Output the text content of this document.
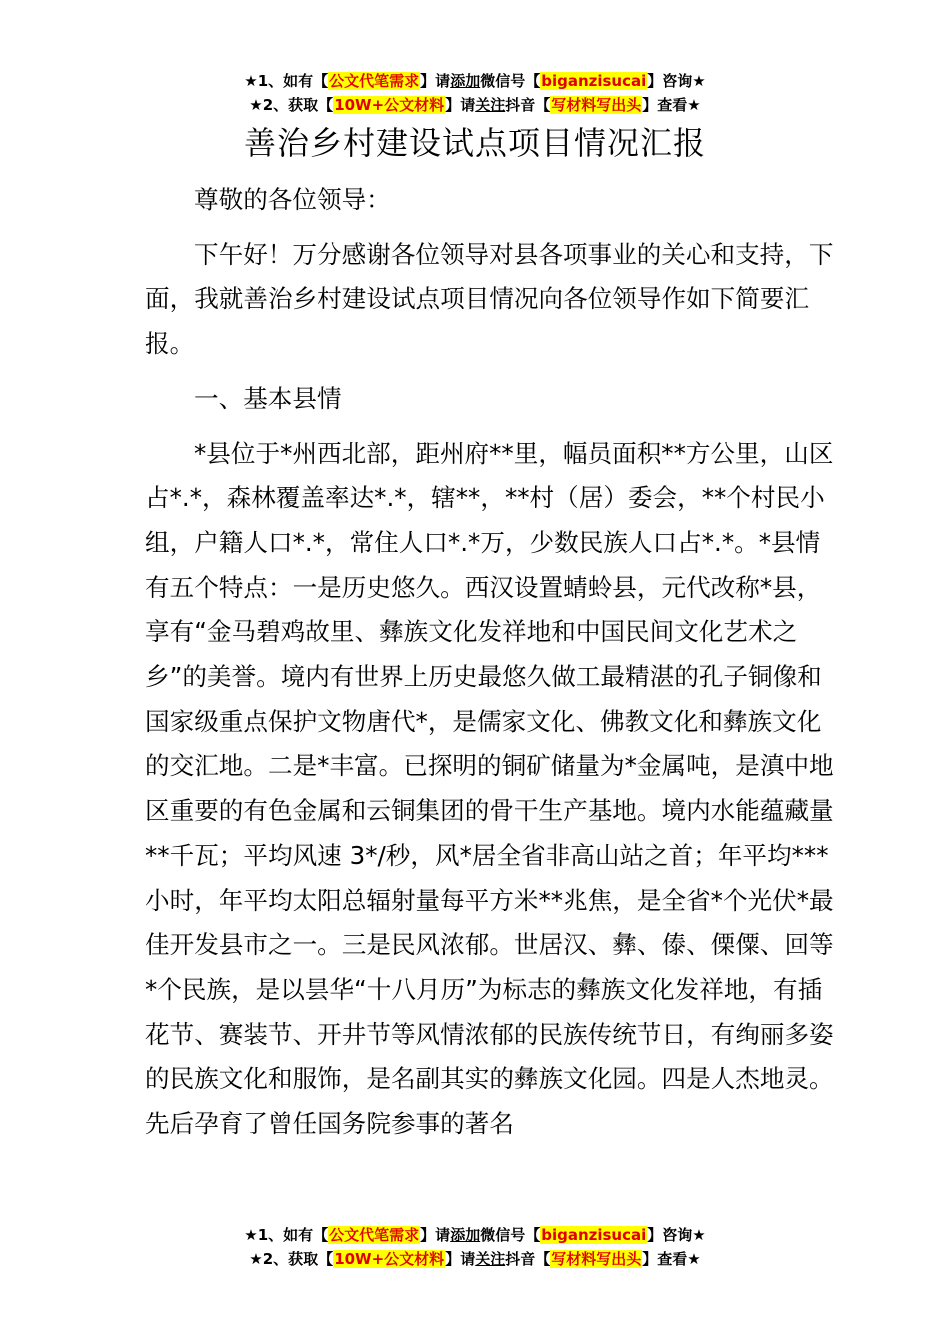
★1、如有【公文代笔需求】请添加微信号【biganzisucai】咨询★
★2、获取【10W+公文材料】请关注抖音【写材料写出头】查看★
善治乡村建设试点项目情况汇报

尊敬的各位领导：

下午好！万分感谢各位领导对县各项事业的关心和支持，下面，我就善治乡村建设试点项目情况向各位领导作如下简要汇报。

一、基本县情

*县位于*州西北部，距州府**里，幅员面积**方公里，山区占*.*，森林覆盖率达*.*，辖**，**村（居）委会，**个村民小组，户籍人口*.*，常住人口*.*万，少数民族人口占*.*。*县情有五个特点：一是历史悠久。西汉设置蜻蛉县，元代改称*县，享有“金马碧鸡故里、彝族文化发祥地和中国民间文化艺术之乡”的美誉。境内有世界上历史最悠久做工最精湛的孔子铜像和国家级重点保护文物唐代*，是儒家文化、佛教文化和彝族文化的交汇地。二是*丰富。已探明的铜矿储量为*金属吨，是滇中地区重要的有色金属和云铜集团的骨干生产基地。境内水能蕴藏量**千瓦；平均风速 3*/秒，风*居全省非高山站之首；年平均***小时，年平均太阳总辐射量每平方米**兆焦，是全省*个光伏*最佳开发县市之一。三是民风浓郁。世居汉、彝、傣、傈僳、回等*个民族，是以昙华“十八月历”为标志的彝族文化发祥地，有插花节、赛装节、开井节等风情浓郁的民族传统节日，有绚丽多姿的民族文化和服饰，是名副其实的彝族文化园。四是人杰地灵。先后孕育了曾任国务院参事的著名

★1、如有【公文代笔需求】请添加微信号【biganzisucai】咨询★
★2、获取【10W+公文材料】请关注抖音【写材料写出头】查看★
